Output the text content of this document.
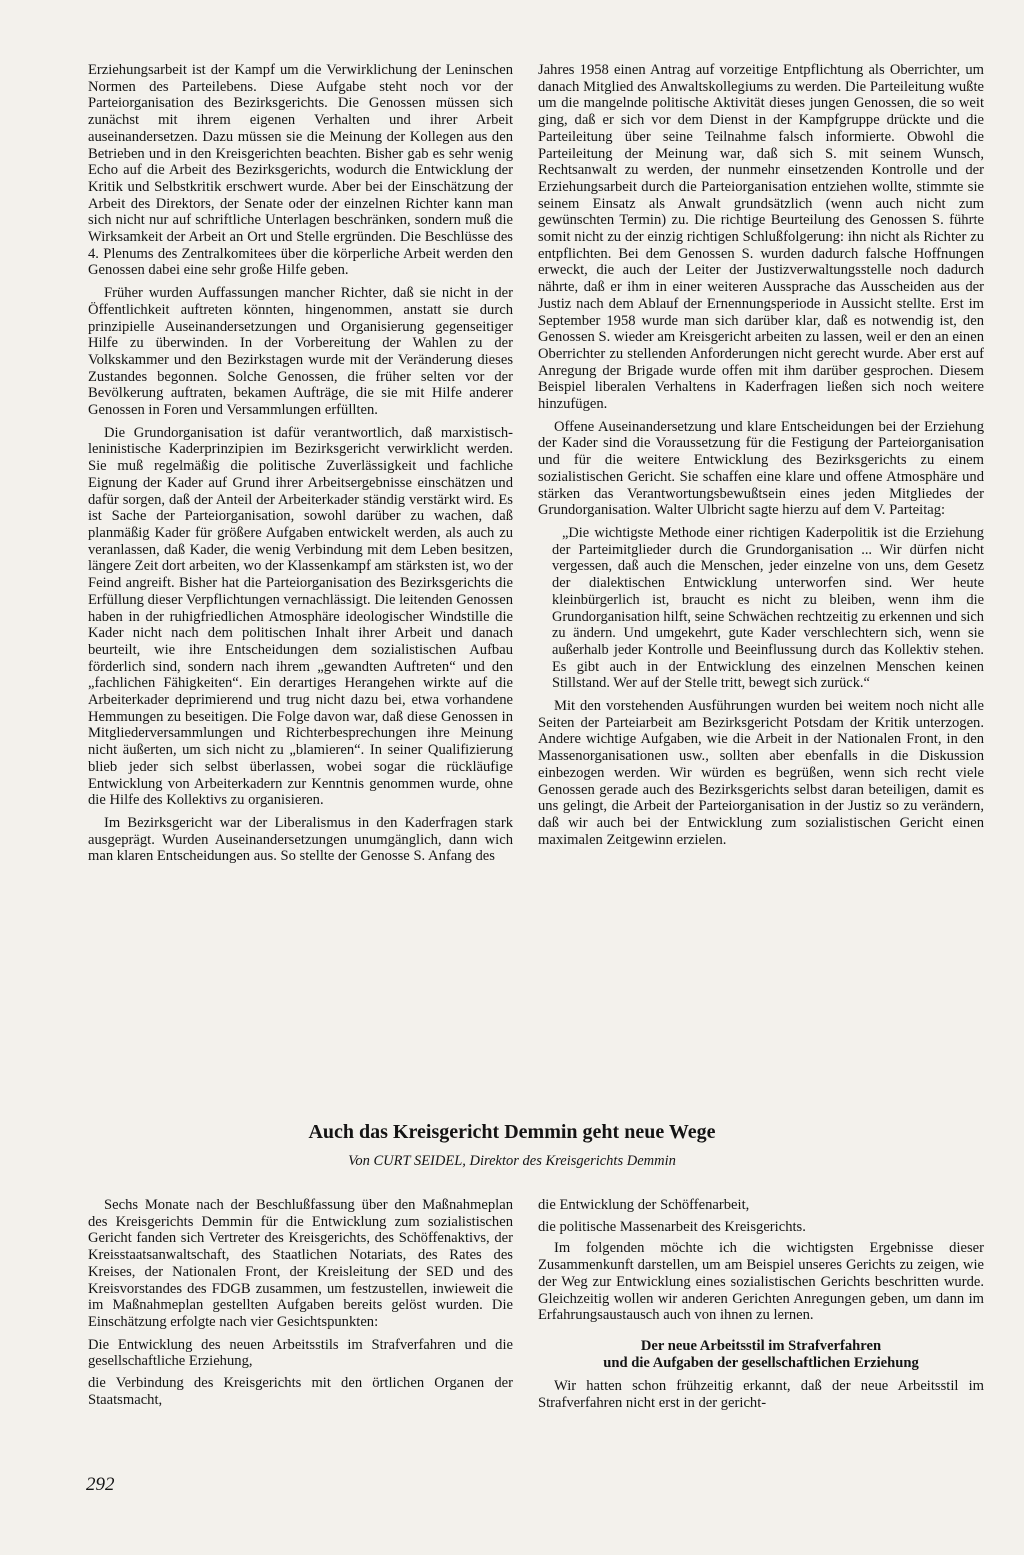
Erziehungsarbeit ist der Kampf um die Verwirklichung der Leninschen Normen des Parteilebens. Diese Aufgabe steht noch vor der Parteiorganisation des Bezirksgerichts. Die Genossen müssen sich zunächst mit ihrem eigenen Verhalten und ihrer Arbeit auseinandersetzen. Dazu müssen sie die Meinung der Kollegen aus den Betrieben und in den Kreisgerichten beachten. Bisher gab es sehr wenig Echo auf die Arbeit des Bezirksgerichts, wodurch die Entwicklung der Kritik und Selbstkritik erschwert wurde. Aber bei der Einschätzung der Arbeit des Direktors, der Senate oder der einzelnen Richter kann man sich nicht nur auf schriftliche Unterlagen beschränken, sondern muß die Wirksamkeit der Arbeit an Ort und Stelle ergründen. Die Beschlüsse des 4. Plenums des Zentralkomitees über die körperliche Arbeit werden den Genossen dabei eine sehr große Hilfe geben.

Früher wurden Auffassungen mancher Richter, daß sie nicht in der Öffentlichkeit auftreten könnten, hingenommen, anstatt sie durch prinzipielle Auseinandersetzungen und Organisierung gegenseitiger Hilfe zu überwinden. In der Vorbereitung der Wahlen zu der Volkskammer und den Bezirkstagen wurde mit der Veränderung dieses Zustandes begonnen. Solche Genossen, die früher selten vor der Bevölkerung auftraten, bekamen Aufträge, die sie mit Hilfe anderer Genossen in Foren und Versammlungen erfüllten.

Die Grundorganisation ist dafür verantwortlich, daß marxistisch-leninistische Kaderprinzipien im Bezirksgericht verwirklicht werden. Sie muß regelmäßig die politische Zuverlässigkeit und fachliche Eignung der Kader auf Grund ihrer Arbeitsergebnisse einschätzen und dafür sorgen, daß der Anteil der Arbeiterkader ständig verstärkt wird. Es ist Sache der Parteiorganisation, sowohl darüber zu wachen, daß planmäßig Kader für größere Aufgaben entwickelt werden, als auch zu veranlassen, daß Kader, die wenig Verbindung mit dem Leben besitzen, längere Zeit dort arbeiten, wo der Klassenkampf am stärksten ist, wo der Feind angreift. Bisher hat die Parteiorganisation des Bezirksgerichts die Erfüllung dieser Verpflichtungen vernachlässigt. Die leitenden Genossen haben in der ruhigfriedlichen Atmosphäre ideologischer Windstille die Kader nicht nach dem politischen Inhalt ihrer Arbeit und danach beurteilt, wie ihre Entscheidungen dem sozialistischen Aufbau förderlich sind, sondern nach ihrem „gewandten Auftreten“ und den „fachlichen Fähigkeiten“. Ein derartiges Herangehen wirkte auf die Arbeiterkader deprimierend und trug nicht dazu bei, etwa vorhandene Hemmungen zu beseitigen. Die Folge davon war, daß diese Genossen in Mitgliederversammlungen und Richterbesprechungen ihre Meinung nicht äußerten, um sich nicht zu „blamieren“. In seiner Qualifizierung blieb jeder sich selbst überlassen, wobei sogar die rückläufige Entwicklung von Arbeiterkadern zur Kenntnis genommen wurde, ohne die Hilfe des Kollektivs zu organisieren.

Im Bezirksgericht war der Liberalismus in den Kaderfragen stark ausgeprägt. Wurden Auseinandersetzungen unumgänglich, dann wich man klaren Entscheidungen aus. So stellte der Genosse S. Anfang des

Jahres 1958 einen Antrag auf vorzeitige Entpflichtung als Oberrichter, um danach Mitglied des Anwaltskollegiums zu werden. Die Parteileitung wußte um die mangelnde politische Aktivität dieses jungen Genossen, die so weit ging, daß er sich vor dem Dienst in der Kampfgruppe drückte und die Parteileitung über seine Teilnahme falsch informierte. Obwohl die Parteileitung der Meinung war, daß sich S. mit seinem Wunsch, Rechtsanwalt zu werden, der nunmehr einsetzenden Kontrolle und der Erziehungsarbeit durch die Parteiorganisation entziehen wollte, stimmte sie seinem Einsatz als Anwalt grundsätzlich (wenn auch nicht zum gewünschten Termin) zu. Die richtige Beurteilung des Genossen S. führte somit nicht zu der einzig richtigen Schlußfolgerung: ihn nicht als Richter zu entpflichten. Bei dem Genossen S. wurden dadurch falsche Hoffnungen erweckt, die auch der Leiter der Justizverwaltungsstelle noch dadurch nährte, daß er ihm in einer weiteren Aussprache das Ausscheiden aus der Justiz nach dem Ablauf der Ernennungsperiode in Aussicht stellte. Erst im September 1958 wurde man sich darüber klar, daß es notwendig ist, den Genossen S. wieder am Kreisgericht arbeiten zu lassen, weil er den an einen Oberrichter zu stellenden Anforderungen nicht gerecht wurde. Aber erst auf Anregung der Brigade wurde offen mit ihm darüber gesprochen. Diesem Beispiel liberalen Verhaltens in Kaderfragen ließen sich noch weitere hinzufügen.

Offene Auseinandersetzung und klare Entscheidungen bei der Erziehung der Kader sind die Voraussetzung für die Festigung der Parteiorganisation und für die weitere Entwicklung des Bezirksgerichts zu einem sozialistischen Gericht. Sie schaffen eine klare und offene Atmosphäre und stärken das Verantwortungsbewußtsein eines jeden Mitgliedes der Grundorganisation. Walter Ulbricht sagte hierzu auf dem V. Parteitag:

„Die wichtigste Methode einer richtigen Kaderpolitik ist die Erziehung der Parteimitglieder durch die Grundorganisation ... Wir dürfen nicht vergessen, daß auch die Menschen, jeder einzelne von uns, dem Gesetz der dialektischen Entwicklung unterworfen sind. Wer heute kleinbürgerlich ist, braucht es nicht zu bleiben, wenn ihm die Grundorganisation hilft, seine Schwächen rechtzeitig zu erkennen und sich zu ändern. Und umgekehrt, gute Kader verschlechtern sich, wenn sie außerhalb jeder Kontrolle und Beeinflussung durch das Kollektiv stehen. Es gibt auch in der Entwicklung des einzelnen Menschen keinen Stillstand. Wer auf der Stelle tritt, bewegt sich zurück.“

Mit den vorstehenden Ausführungen wurden bei weitem noch nicht alle Seiten der Parteiarbeit am Bezirksgericht Potsdam der Kritik unterzogen. Andere wichtige Aufgaben, wie die Arbeit in der Nationalen Front, in den Massenorganisationen usw., sollten aber ebenfalls in die Diskussion einbezogen werden. Wir würden es begrüßen, wenn sich recht viele Genossen gerade auch des Bezirksgerichts selbst daran beteiligen, damit es uns gelingt, die Arbeit der Parteiorganisation in der Justiz so zu verändern, daß wir auch bei der Entwicklung zum sozialistischen Gericht einen maximalen Zeitgewinn erzielen.

Auch das Kreisgericht Demmin geht neue Wege
Von CURT SEIDEL, Direktor des Kreisgerichts Demmin

Sechs Monate nach der Beschlußfassung über den Maßnahmeplan des Kreisgerichts Demmin für die Entwicklung zum sozialistischen Gericht fanden sich Vertreter des Kreisgerichts, des Schöffenaktivs, der Kreisstaatsanwaltschaft, des Staatlichen Notariats, des Rates des Kreises, der Nationalen Front, der Kreisleitung der SED und des Kreisvorstandes des FDGB zusammen, um festzustellen, inwieweit die im Maßnahmeplan gestellten Aufgaben bereits gelöst wurden. Die Einschätzung erfolgte nach vier Gesichtspunkten:

Die Entwicklung des neuen Arbeitsstils im Strafverfahren und die gesellschaftliche Erziehung,

die Verbindung des Kreisgerichts mit den örtlichen Organen der Staatsmacht,

die Entwicklung der Schöffenarbeit,

die politische Massenarbeit des Kreisgerichts.

Im folgenden möchte ich die wichtigsten Ergebnisse dieser Zusammenkunft darstellen, um am Beispiel unseres Gerichts zu zeigen, wie der Weg zur Entwicklung eines sozialistischen Gerichts beschritten wurde. Gleichzeitig wollen wir anderen Gerichten Anregungen geben, um dann im Erfahrungsaustausch auch von ihnen zu lernen.

Der neue Arbeitsstil im Strafverfahren
und die Aufgaben der gesellschaftlichen Erziehung

Wir hatten schon frühzeitig erkannt, daß der neue Arbeitsstil im Strafverfahren nicht erst in der gericht-

292
